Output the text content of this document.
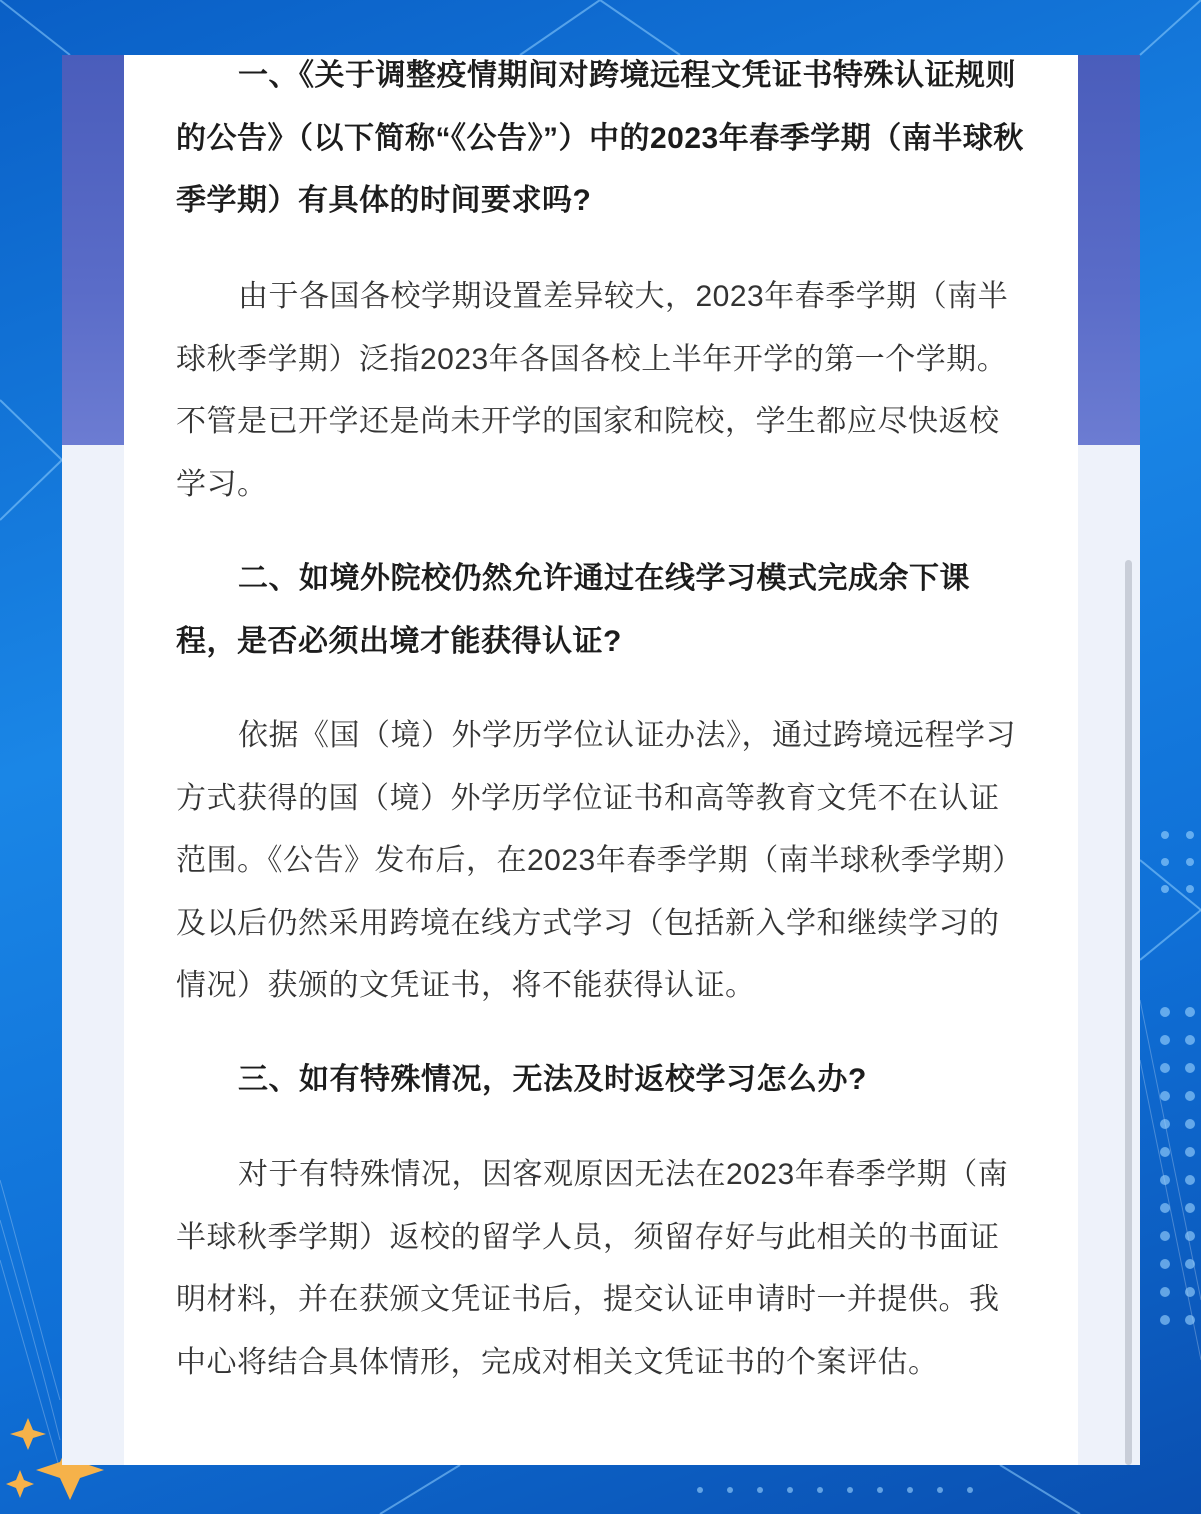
一、《关于调整疫情期间对跨境远程文凭证书特殊认证规则的公告》（以下简称“《公告》”）中的2023年春季学期（南半球秋季学期）有具体的时间要求吗?

由于各国各校学期设置差异较大，2023年春季学期（南半球秋季学期）泛指2023年各国各校上半年开学的第一个学期。不管是已开学还是尚未开学的国家和院校，学生都应尽快返校学习。

二、如境外院校仍然允许通过在线学习模式完成余下课程，是否必须出境才能获得认证?

依据《国（境）外学历学位认证办法》，通过跨境远程学习方式获得的国（境）外学历学位证书和高等教育文凭不在认证范围。《公告》发布后，在2023年春季学期（南半球秋季学期）及以后仍然采用跨境在线方式学习（包括新入学和继续学习的情况）获颁的文凭证书，将不能获得认证。

三、如有特殊情况，无法及时返校学习怎么办?

对于有特殊情况，因客观原因无法在2023年春季学期（南半球秋季学期）返校的留学人员，须留存好与此相关的书面证明材料，并在获颁文凭证书后，提交认证申请时一并提供。我中心将结合具体情形，完成对相关文凭证书的个案评估。
